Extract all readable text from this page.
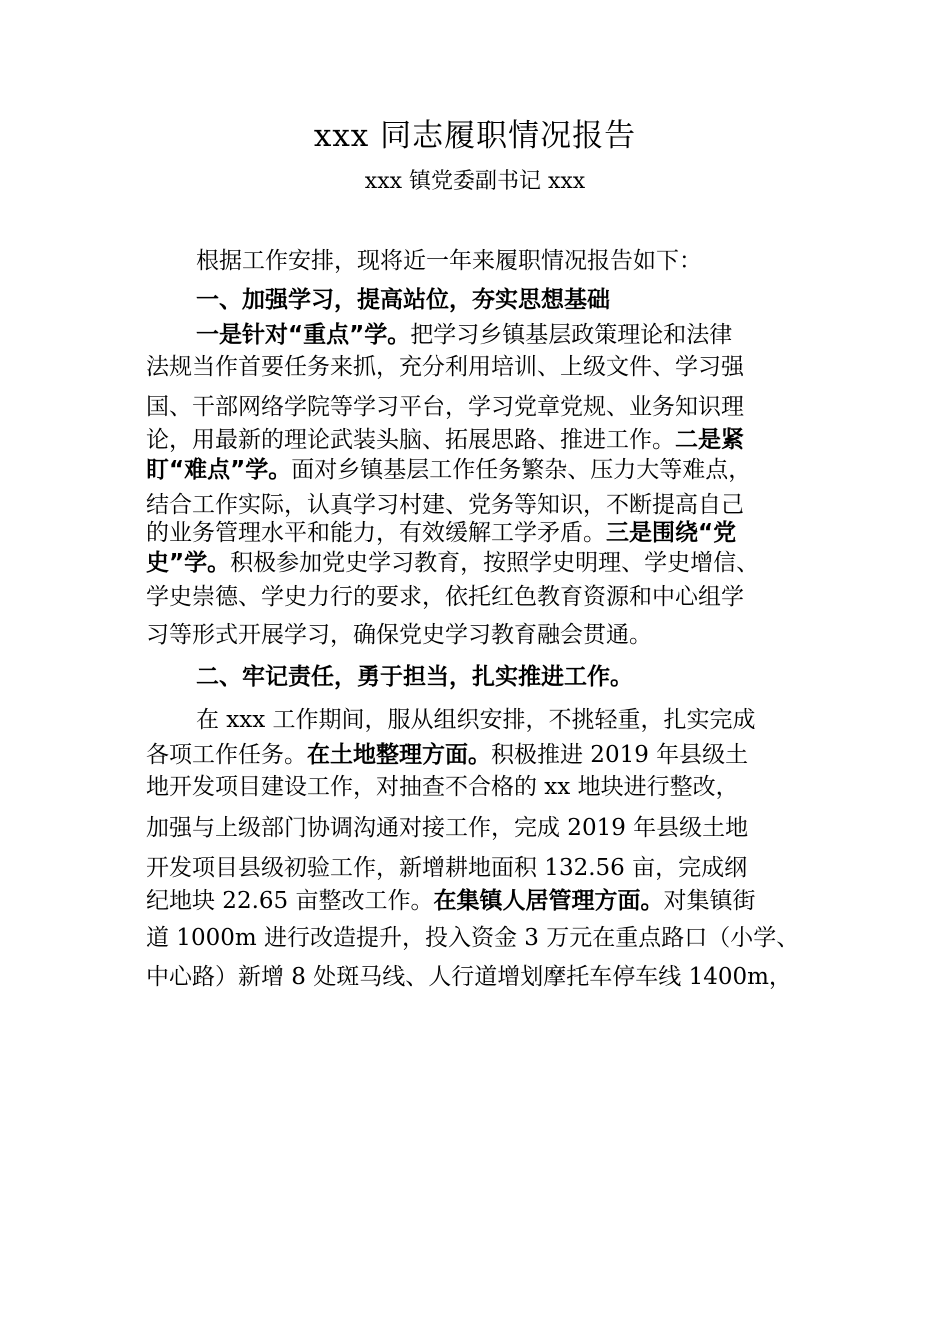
xxx 同志履职情况报告
xxx 镇党委副书记 xxx
根据工作安排，现将近一年来履职情况报告如下：
一、加强学习，提高站位，夯实思想基础
一是针对“重点”学。把学习乡镇基层政策理论和法律
法规当作首要任务来抓，充分利用培训、上级文件、学习强
国、干部网络学院等学习平台，学习党章党规、业务知识理
论，用最新的理论武装头脑、拓展思路、推进工作。二是紧
盯“难点”学。面对乡镇基层工作任务繁杂、压力大等难点，
结合工作实际，认真学习村建、党务等知识，不断提高自己
的业务管理水平和能力，有效缓解工学矛盾。三是围绕“党
史”学。积极参加党史学习教育，按照学史明理、学史增信、
学史崇德、学史力行的要求，依托红色教育资源和中心组学
习等形式开展学习，确保党史学习教育融会贯通。
二、牢记责任，勇于担当，扎实推进工作。
在 xxx 工作期间，服从组织安排，不挑轻重，扎实完成
各项工作任务。在土地整理方面。积极推进 2019 年县级土
地开发项目建设工作，对抽查不合格的 xx 地块进行整改，
加强与上级部门协调沟通对接工作，完成 2019 年县级土地
开发项目县级初验工作，新增耕地面积 132.56 亩，完成纲
纪地块 22.65 亩整改工作。在集镇人居管理方面。对集镇街
道 1000m 进行改造提升，投入资金 3 万元在重点路口（小学、
中心路）新增 8 处斑马线、人行道增划摩托车停车线 1400m，
